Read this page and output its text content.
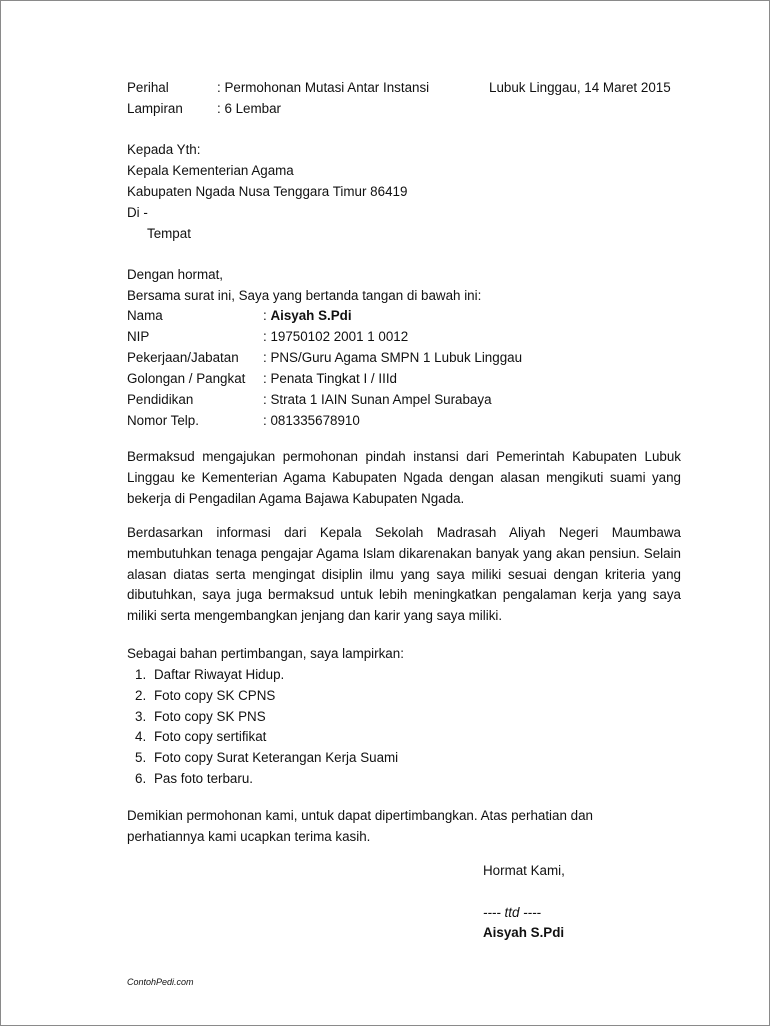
Perihal	: Permohonan Mutasi Antar Instansi	Lubuk Linggau, 14 Maret 2015
Lampiran	: 6 Lembar
Kepada Yth:
Kepala Kementerian Agama
Kabupaten Ngada Nusa Tenggara Timur 86419
Di -
Tempat
Dengan hormat,
Bersama surat ini, Saya yang bertanda tangan di bawah ini:
Nama	: Aisyah S.Pdi
NIP	: 19750102 2001 1 0012
Pekerjaan/Jabatan : PNS/Guru Agama SMPN 1 Lubuk Linggau
Golongan / Pangkat : Penata Tingkat I / IIId
Pendidikan	: Strata 1 IAIN Sunan Ampel Surabaya
Nomor Telp.	: 081335678910
Bermaksud mengajukan permohonan pindah instansi dari Pemerintah Kabupaten Lubuk Linggau ke Kementerian Agama Kabupaten Ngada dengan alasan mengikuti suami yang bekerja di Pengadilan Agama Bajawa Kabupaten Ngada.
Berdasarkan informasi dari Kepala Sekolah Madrasah Aliyah Negeri Maumbawa membutuhkan tenaga pengajar Agama Islam dikarenakan banyak yang akan pensiun. Selain alasan diatas serta mengingat disiplin ilmu yang saya miliki sesuai dengan kriteria yang dibutuhkan, saya juga bermaksud untuk lebih meningkatkan pengalaman kerja yang saya miliki serta mengembangkan jenjang dan karir yang saya miliki.
Sebagai bahan pertimbangan, saya lampirkan:
1. Daftar Riwayat Hidup.
2. Foto copy SK CPNS
3. Foto copy SK PNS
4. Foto copy sertifikat
5. Foto copy Surat Keterangan Kerja Suami
6. Pas foto terbaru.
Demikian permohonan kami, untuk dapat dipertimbangkan. Atas perhatian dan perhatiannya kami ucapkan terima kasih.
Hormat Kami,
---- ttd ----
Aisyah S.Pdi
ContohPedi.com
